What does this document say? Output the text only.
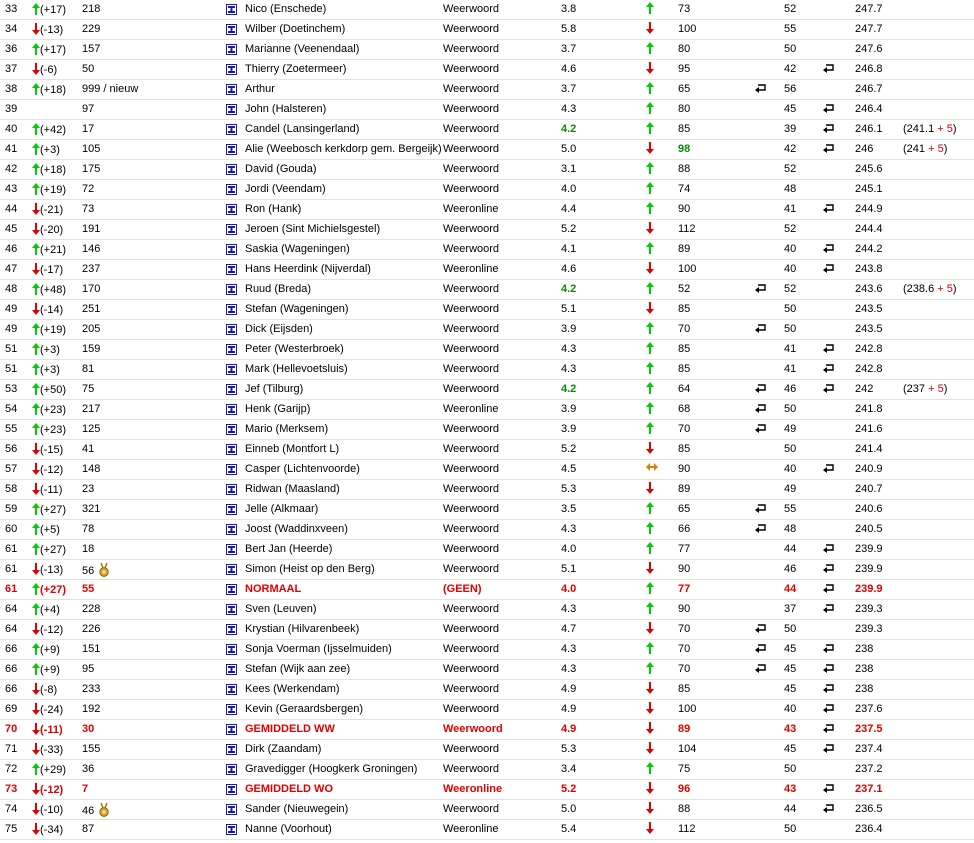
33	(+17) 218	Nico (Enschede)	Weerwoord	3.8	73	52	247.7
34	(-13) 229	Wilber (Doetinchem)	Weerwoord	5.8	100	55	247.7
36	(+17) 157	Marianne (Veenendaal)	Weerwoord	3.7	80	50	247.6
37	(-6) 50	Thierry (Zoetermeer)	Weerwoord	4.6	95	42	246.8
38	(+18) 999 / nieuw	Arthur	Weerwoord	3.7	65	56	246.7
39	97	John (Halsteren)	Weerwoord	4.3	80	45	246.4
40	(+42) 17	Candel (Lansingerland)	Weerwoord	4.2	85	39	246.1 (241.1 + 5)
41	(+3) 105	Alie (Weebosch kerkdorp gem. Bergeijk) Weerwoord	5.0	98	42	246	(241 + 5)
42	(+18) 175	David (Gouda)	Weerwoord	3.1	88	52	245.6
43	(+19) 72	Jordi (Veendam)	Weerwoord	4.0	74	48	245.1
44	(-21) 73	Ron (Hank)	Weeronline	4.4	90	41	244.9
45	(-20) 191	Jeroen (Sint Michielsgestel)	Weerwoord	5.2	112	52	244.4
46	(+21) 146	Saskia (Wageningen)	Weerwoord	4.1	89	40	244.2
47	(-17) 237	Hans Heerdink (Nijverdal)	Weeronline	4.6	100	40	243.8
48	(+48) 170	Ruud (Breda)	Weerwoord	4.2	52	52	243.6 (238.6 + 5)
49	(-14) 251	Stefan (Wageningen)	Weerwoord	5.1	85	50	243.5
49	(+19) 205	Dick (Eijsden)	Weerwoord	3.9	70	50	243.5
51	(+3) 159	Peter (Westerbroek)	Weerwoord	4.3	85	41	242.8
51	(+3) 81	Mark (Hellevoetsluis)	Weerwoord	4.3	85	41	242.8
53	(+50) 75	Jef (Tilburg)	Weerwoord	4.2	64	46	242	(237 + 5)
54	(+23) 217	Henk (Garijp)	Weeronline	3.9	68	50	241.8
55	(+23) 125	Mario (Merksem)	Weerwoord	3.9	70	49	241.6
56	(-15) 41	Einneb (Montfort L)	Weerwoord	5.2	85	50	241.4
57	(-12) 148	Casper (Lichtenvoorde)	Weerwoord	4.5	90	40	240.9
58	(-11) 23	Ridwan (Maasland)	Weerwoord	5.3	89	49	240.7
59	(+27) 321	Jelle (Alkmaar)	Weerwoord	3.5	65	55	240.6
60	(+5) 78	Joost (Waddinxveen)	Weerwoord	4.3	66	48	240.5
61	(+27) 18	Bert Jan (Heerde)	Weerwoord	4.0	77	44	239.9
61	(-13) 56	Simon (Heist op den Berg)	Weerwoord	5.1	90	46	239.9
61	(+27) 55	NORMAAL	(GEEN)	4.0	77	44	239.9
64	(+4) 228	Sven (Leuven)	Weerwoord	4.3	90	37	239.3
64	(-12) 226	Krystian (Hilvarenbeek)	Weerwoord	4.7	70	50	239.3
66	(+9) 151	Sonja Voerman (Ijsselmuiden)	Weerwoord	4.3	70	45	238
66	(+9) 95	Stefan (Wijk aan zee)	Weerwoord	4.3	70	45	238
66	(-8) 233	Kees (Werkendam)	Weerwoord	4.9	85	45	238
69	(-24) 192	Kevin (Geraardsbergen)	Weerwoord	4.9	100	40	237.6
70	(-11) 30	GEMIDDELD WW	Weerwoord	4.9	89	43	237.5
71	(-33) 155	Dirk (Zaandam)	Weerwoord	5.3	104	45	237.4
72	(+29) 36	Gravedigger (Hoogkerk Groningen) Weerwoord	3.4	75	50	237.2
73	(-12) 7	GEMIDDELD WO	Weeronline	5.2	96	43	237.1
74	(-10) 46	Sander (Nieuwegein)	Weerwoord	5.0	88	44	236.5
75	(-34) 87	Nanne (Voorhout)	Weeronline	5.4	112	50	236.4
